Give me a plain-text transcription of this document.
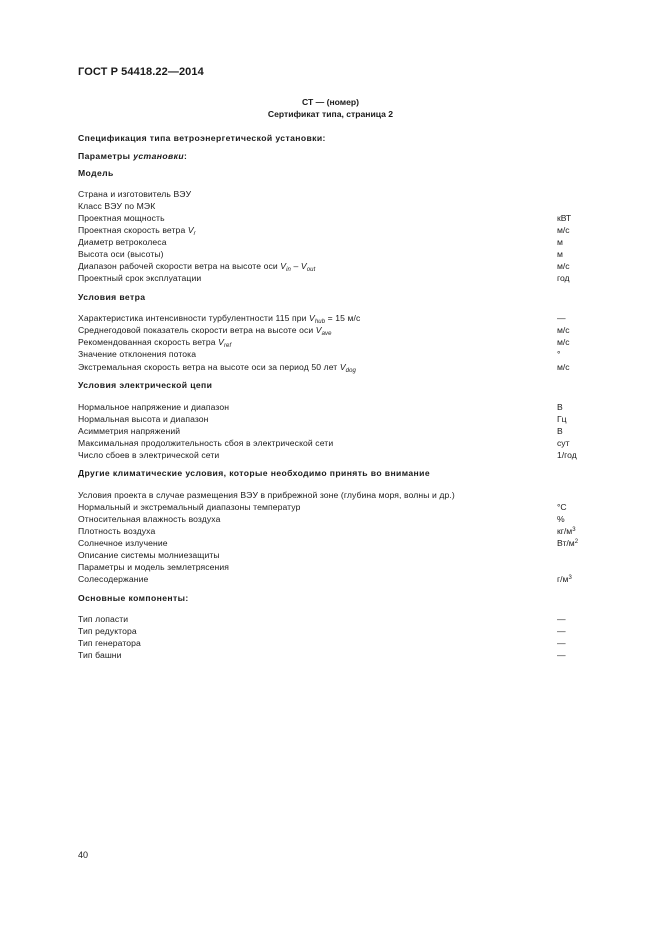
ГОСТ Р 54418.22—2014
СТ — (номер)
Сертификат типа, страница 2
Спецификация типа ветроэнергетической установки:
Параметры установки:
Модель
Страна и изготовитель ВЭУ
Класс ВЭУ по МЭК
Проектная мощность	кВТ
Проектная скорость ветра $V_r$	м/с
Диаметр ветроколеса	м
Высота оси (высоты)	м
Диапазон рабочей скорости ветра на высоте оси $V_{in} - V_{out}$	м/с
Проектный срок эксплуатации	год
Условия ветра
Характеристика интенсивности турбулентности 115 при $V_{hub} = 15$ м/с	—
Среднегодовой показатель скорости ветра на высоте оси $V_{ave}$	м/с
Рекомендованная скорость ветра $V_{ref}$	м/с
Значение отклонения потока	°
Экстремальная скорость ветра на высоте оси за период 50 лет $V_{dog}$	м/с
Условия электрической цепи
Нормальное напряжение и диапазон	В
Нормальная высота и диапазон	Гц
Асимметрия напряжений	В
Максимальная продолжительность сбоя в электрической сети	сут
Число сбоев в электрической сети	1/год
Другие климатические условия, которые необходимо принять во внимание
Условия проекта в случае размещения ВЭУ в прибрежной зоне (глубина моря, волны и др.)
Нормальный и экстремальный диапазоны температур	°С
Относительная влажность воздуха	%
Плотность воздуха	$кг/м^3$
Солнечное излучение	$Вт/м^2$
Описание системы молниезащиты
Параметры и модель землетрясения
Солесодержание	$г/м^3$
Основные компоненты:
Тип лопасти	—
Тип редуктора	—
Тип генератора	—
Тип башни	—
40
